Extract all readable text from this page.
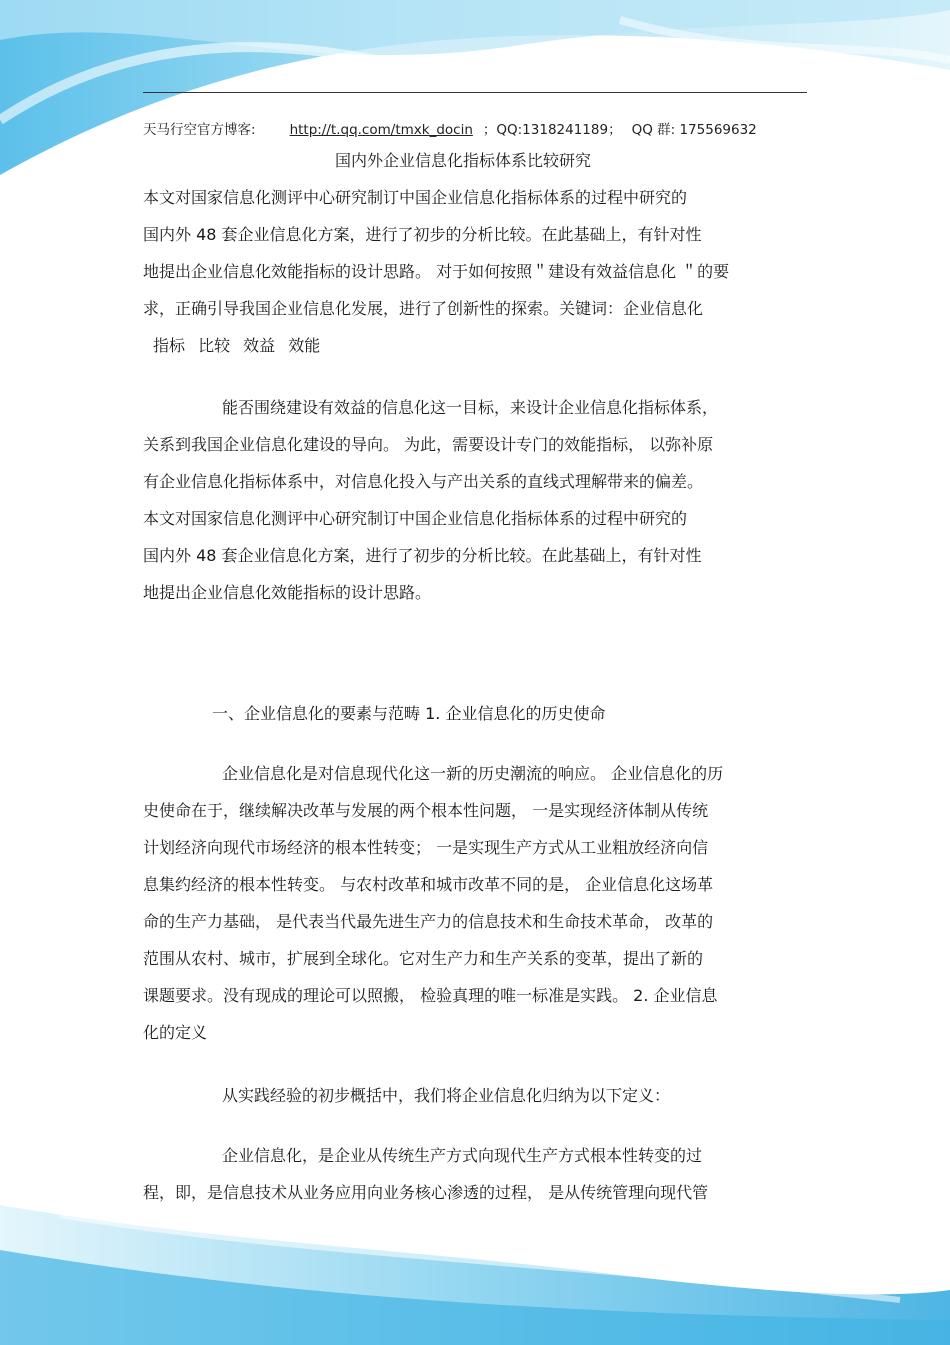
天马行空官方博客:	http://t.qq.com/tmxk_docin ；QQ:1318241189； QQ 群: 175569632
国内外企业信息化指标体系比较研究
本文对国家信息化测评中心研究制订中国企业信息化指标体系的过程中研究的
国内外 48 套企业信息化方案，进行了初步的分析比较。在此基础上，有针对性
地提出企业信息化效能指标的设计思路。 对于如何按照＂建设有效益信息化 ＂的要
求，正确引导我国企业信息化发展，进行了创新性的探索。关键词：企业信息化
指标 比较 效益 效能
能否围绕建设有效益的信息化这一目标，来设计企业信息化指标体系，
关系到我国企业信息化建设的导向。 为此，需要设计专门的效能指标， 以弥补原
有企业信息化指标体系中，对信息化投入与产出关系的直线式理解带来的偏差。
本文对国家信息化测评中心研究制订中国企业信息化指标体系的过程中研究的
国内外 48 套企业信息化方案，进行了初步的分析比较。在此基础上，有针对性
地提出企业信息化效能指标的设计思路。
一、企业信息化的要素与范畴 1. 企业信息化的历史使命
企业信息化是对信息现代化这一新的历史潮流的响应。 企业信息化的历
史使命在于，继续解决改革与发展的两个根本性问题， 一是实现经济体制从传统
计划经济向现代市场经济的根本性转变； 一是实现生产方式从工业粗放经济向信
息集约经济的根本性转变。 与农村改革和城市改革不同的是， 企业信息化这场革
命的生产力基础， 是代表当代最先进生产力的信息技术和生命技术革命， 改革的
范围从农村、城市，扩展到全球化。它对生产力和生产关系的变革，提出了新的
课题要求。没有现成的理论可以照搬， 检验真理的唯一标准是实践。 2. 企业信息
化的定义
从实践经验的初步概括中，我们将企业信息化归纳为以下定义：
企业信息化，是企业从传统生产方式向现代生产方式根本性转变的过
程，即，是信息技术从业务应用向业务核心渗透的过程， 是从传统管理向现代管
